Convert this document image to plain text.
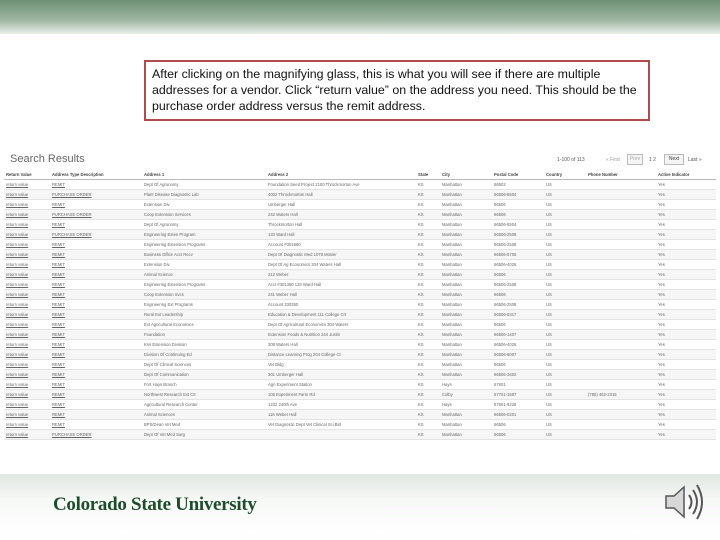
After clicking on the magnifying glass, this is what you will see if there are multiple addresses for a vendor. Click “return value” on the address you need. This should be the purchase order address versus the remit address.
Search Results	1-100 of 113	« First	Prev	1 2	Next	Last »
Return Value	Address Type Description	Address 1	Address 2	State	City	Postal Code	Country	Phone Number	Active Indicator
return value	REMIT	Dept Of Agronomy	Foundation Seed Project 2100 Throckmorton Ave	KS	Manhattan	66502	US		Yes
return value	PURCHASE ORDER	Plant Disease Diagnostic Lab	4002 Throckmorton Hall	KS	Manhattan	66506-5504	US		Yes
return value	REMIT	Extension Div	Umberger Hall	KS	Manhattan	66506	US		Yes
return value	PURCHASE ORDER	Coop Extension Services	242 Waters Hall	KS	Manhattan	66506	US		Yes
return value	REMIT	Dept Of Agronomy	Throckmorton Hall	KS	Manhattan	66506-5504	US		Yes
return value	PURCHASE ORDER	Engineering Exten Program	133 Ward Hall	KS	Manhattan	66506-2508	US		Yes
return value	REMIT	Engineering Extension Programs	Account #301660	KS	Manhattan	66506-2508	US		Yes
return value	REMIT	Business Office Acct Recv	Dept Of Diagnostic Med 1078 Mosier	KS	Manhattan	66506-5705	US		Yes
return value	REMIT	Extension Div	Dept Of Ag Economics 304 Waters Hall	KS	Manhattan	66506-4026	US		Yes
return value	REMIT	Animal Science	212 Weber	KS	Manhattan	66506	US		Yes
return value	REMIT	Engineering Extension Programs	Acct #301350 133 Ward Hall	KS	Manhattan	66506-2508	US		Yes
return value	REMIT	Coop Extension Svcs	241 Weber Hall	KS	Manhattan	66506	US		Yes
return value	REMIT	Engineering Ext Programs	Account 330350	KS	Manhattan	66506-2508	US		Yes
return value	REMIT	Rural Ext Leadership	Education & Development 111 College Crt	KS	Manhattan	66506-5317	US		Yes
return value	REMIT	Ext Agricultural Economics	Dept Of Agricultural Economics 304 Waters	KS	Manhattan	66506	US		Yes
return value	REMIT	Foundation	Extension Foods & Nutrition 244 Justin	KS	Manhattan	66506-1407	US		Yes
return value	REMIT	Kns Extension Division	308 Waters Hall	KS	Manhattan	66506-4026	US		Yes
return value	REMIT	Division Of Continuing Ed	Distance Learning Prog 204 College Ct	KS	Manhattan	66506-6007	US		Yes
return value	REMIT	Dept Of Clinical Sciences	Vet Bldg	KS	Manhattan	66506	US		Yes
return value	REMIT	Dept Of Communication	301 Umberger Hall	KS	Manhattan	66506-3402	US		Yes
return value	REMIT	Fort Hays Branch	Agri Experiment Station	KS	Hays	67601	US		Yes
return value	REMIT	Northwest Research Ext Ctr	105 Experiment Farm Rd	KS	Colby	67701-1697	US	(785) 462-2315	Yes
return value	REMIT	Agricultural Research Center	1232 240th Ave	KS	Hays	67601-9228	US		Yes
return value	REMIT	Animal Sciences	116 Weber Hall	KS	Manhattan	66506-0201	US		Yes
return value	REMIT	BPS/Dean Vet Med	Vet Diagnostic Dept Vet Clinical Sci Bld	KS	Manhattan	66506	US		Yes
return value	PURCHASE ORDER	Dept Of Vet Med Surg		KS	Manhattan	66506	US		Yes
Colorado State University
